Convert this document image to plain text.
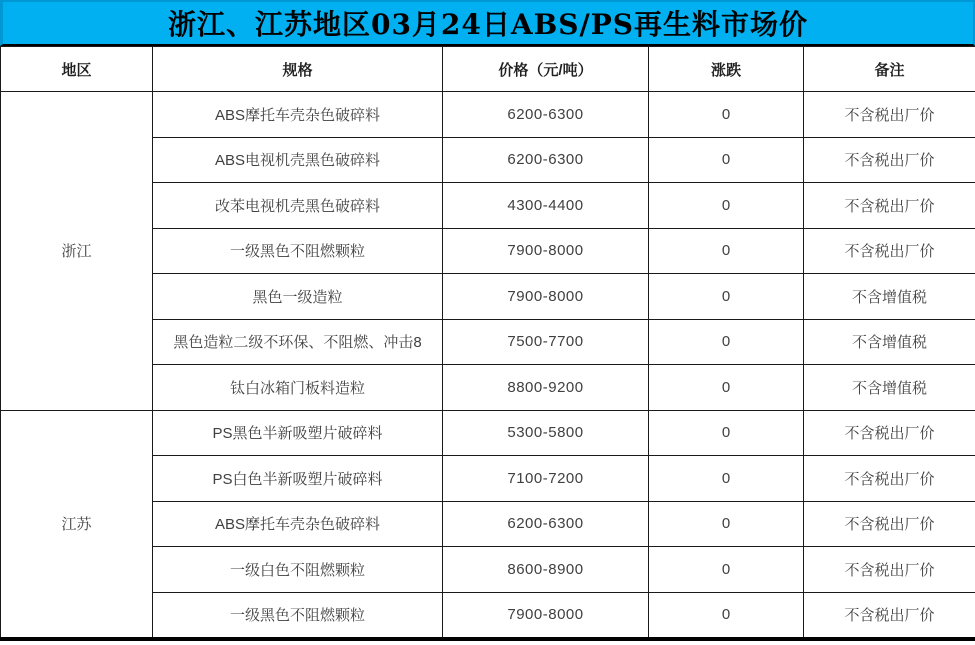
浙江、江苏地区03月24日ABS/PS再生料市场价
地区	规格	价格（元/吨）	涨跌	备注
浙江	ABS摩托车壳杂色破碎料	6200-6300	0	不含税出厂价
	ABS电视机壳黑色破碎料	6200-6300	0	不含税出厂价
	改苯电视机壳黑色破碎料	4300-4400	0	不含税出厂价
	一级黑色不阻燃颗粒	7900-8000	0	不含税出厂价
	黑色一级造粒	7900-8000	0	不含增值税
	黑色造粒二级不环保、不阻燃、冲击8	7500-7700	0	不含增值税
	钛白冰箱门板料造粒	8800-9200	0	不含增值税
江苏	PS黑色半新吸塑片破碎料	5300-5800	0	不含税出厂价
	PS白色半新吸塑片破碎料	7100-7200	0	不含税出厂价
	ABS摩托车壳杂色破碎料	6200-6300	0	不含税出厂价
	一级白色不阻燃颗粒	8600-8900	0	不含税出厂价
	一级黑色不阻燃颗粒	7900-8000	0	不含税出厂价
